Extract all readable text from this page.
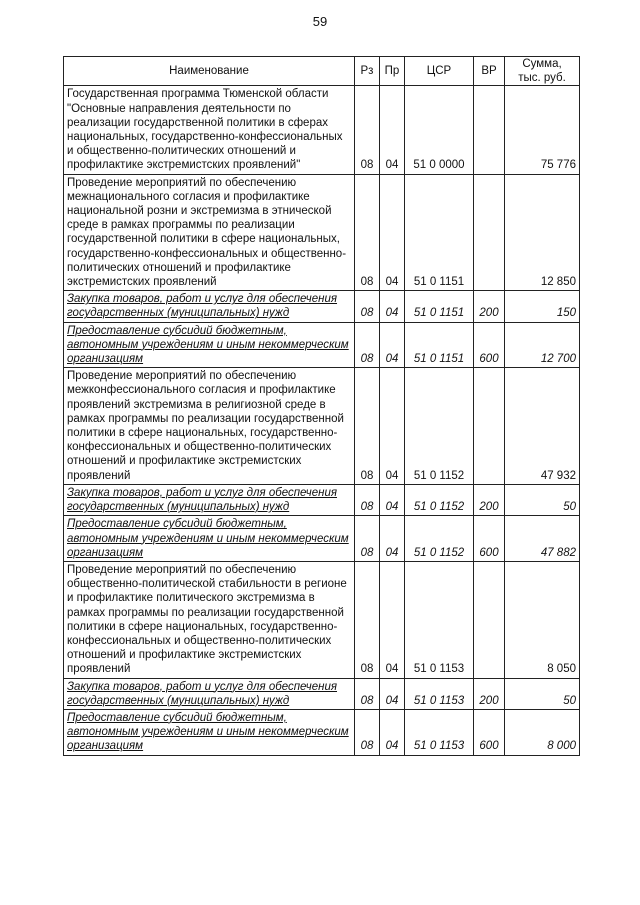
59
Наименование	Рз	Пр	ЦСР	ВР	Сумма,
тыс. руб.

Государственная программа Тюменской области "Основные направления деятельности по реализации государственной политики в сферах национальных, государственно-конфессиональных и общественно-политических отношений и профилактике экстремистских проявлений"	08	04	51 0 0000		75 776
Проведение мероприятий по обеспечению межнационального согласия и профилактике национальной розни и экстремизма в этнической среде в рамках программы по реализации государственной политики в сфере национальных, государственно-конфессиональных и общественно-политических отношений и профилактике экстремистских проявлений	08	04	51 0 1151		12 850
Закупка товаров, работ и услуг для обеспечения государственных (муниципальных) нужд	08	04	51 0 1151	200	150
Предоставление субсидий бюджетным, автономным учреждениям и иным некоммерческим организациям	08	04	51 0 1151	600	12 700
Проведение мероприятий по обеспечению межконфессионального согласия и профилактике проявлений экстремизма в религиозной среде в рамках программы по реализации государственной политики в сфере национальных, государственно-конфессиональных и общественно-политических отношений и профилактике экстремистских проявлений	08	04	51 0 1152		47 932
Закупка товаров, работ и услуг для обеспечения государственных (муниципальных) нужд	08	04	51 0 1152	200	50
Предоставление субсидий бюджетным, автономным учреждениям и иным некоммерческим организациям	08	04	51 0 1152	600	47 882
Проведение мероприятий по обеспечению общественно-политической стабильности в регионе и профилактике политического экстремизма в рамках программы по реализации государственной политики в сфере национальных, государственно-конфессиональных и общественно-политических отношений и профилактике экстремистских проявлений	08	04	51 0 1153		8 050
Закупка товаров, работ и услуг для обеспечения государственных (муниципальных) нужд	08	04	51 0 1153	200	50
Предоставление субсидий бюджетным, автономным учреждениям и иным некоммерческим организациям	08	04	51 0 1153	600	8 000
